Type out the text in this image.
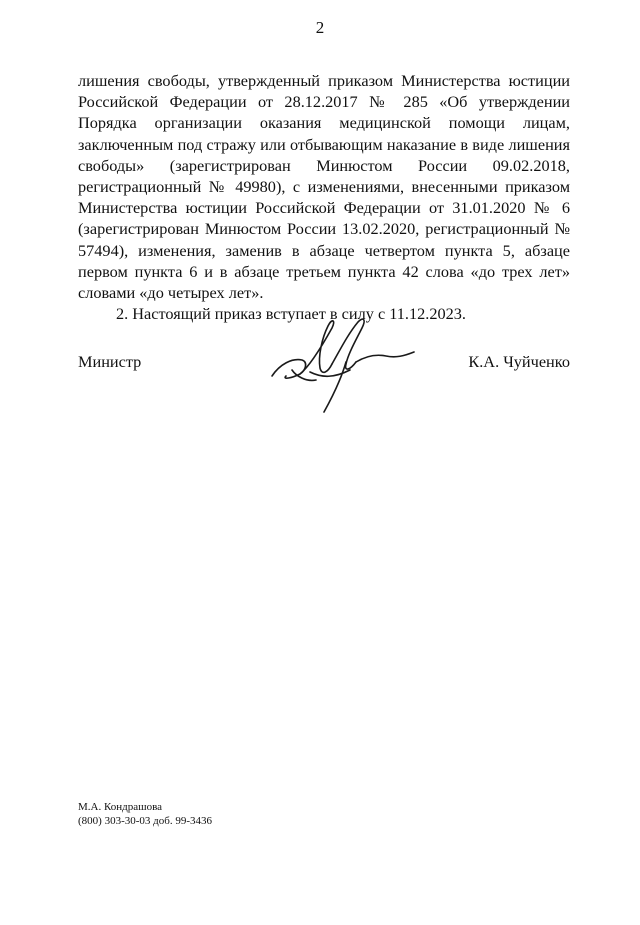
2

лишения свободы, утвержденный приказом Министерства юстиции Российской Федерации от 28.12.2017 № 285 «Об утверждении Порядка организации оказания медицинской помощи лицам, заключенным под стражу или отбывающим наказание в виде лишения свободы» (зарегистрирован Минюстом России 09.02.2018, регистрационный № 49980), с изменениями, внесенными приказом Министерства юстиции Российской Федерации от 31.01.2020 № 6 (зарегистрирован Минюстом России 13.02.2020, регистрационный № 57494), изменения, заменив в абзаце четвертом пункта 5, абзаце первом пункта 6 и в абзаце третьем пункта 42 слова «до трех лет» словами «до четырех лет».

2. Настоящий приказ вступает в силу с 11.12.2023.

Министр	К.А. Чуйченко
М.А. Кондрашова
(800) 303-30-03 доб. 99-3436
